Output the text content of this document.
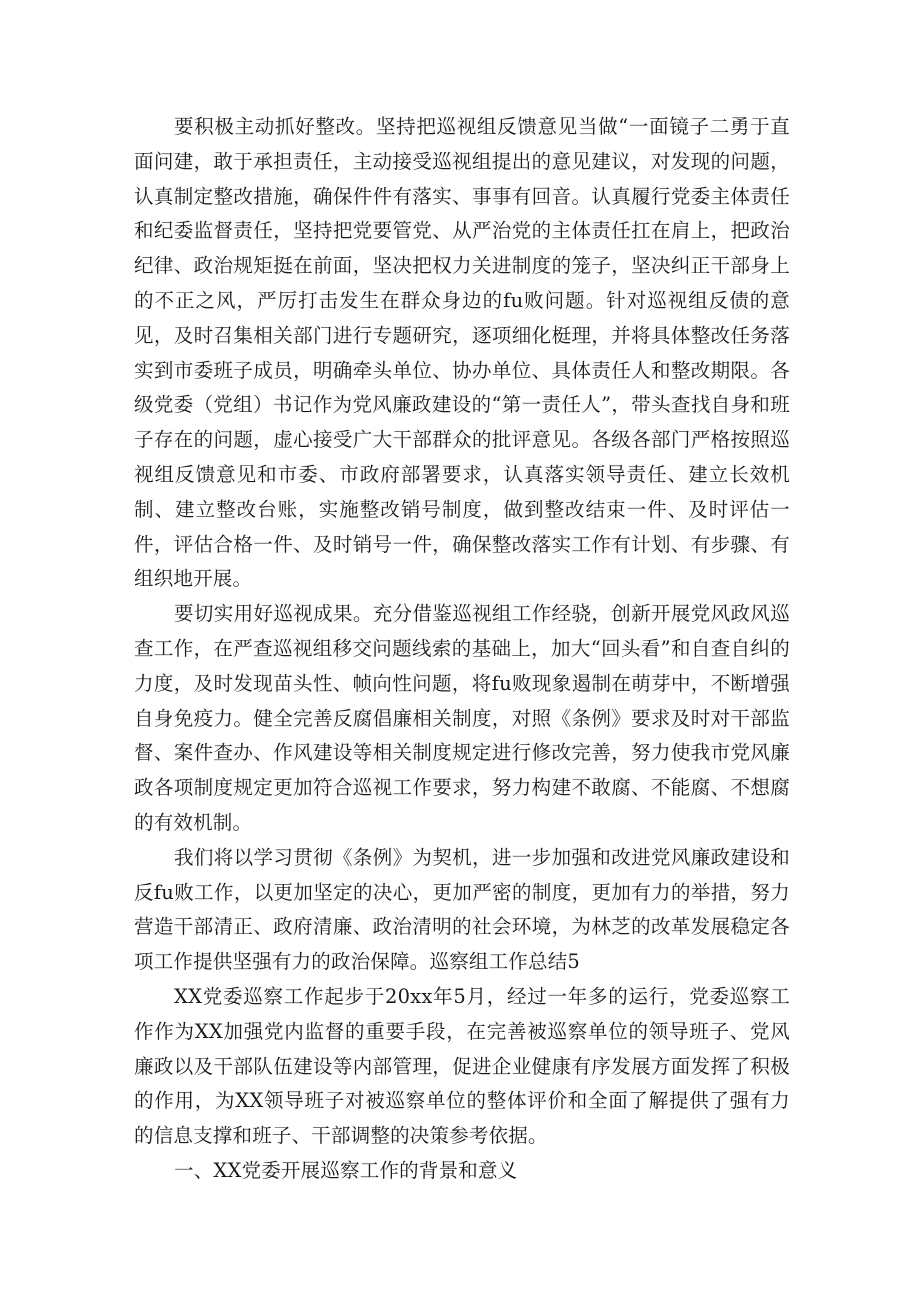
要积极主动抓好整改。坚持把巡视组反馈意见当做“一面镜子二勇于直面问建，敢于承担责任，主动接受巡视组提出的意见建议，对发现的问题，认真制定整改措施，确保件件有落实、事事有回音。认真履行党委主体责任和纪委监督责任，坚持把党要管党、从严治党的主体责任扛在肩上，把政治纪律、政治规矩挺在前面，坚决把权力关进制度的笼子，坚决纠正干部身上的不正之风，严厉打击发生在群众身边的fu败问题。针对巡视组反债的意见，及时召集相关部门进行专题研究，逐项细化梃理，并将具体整改任务落实到市委班子成员，明确牵头单位、协办单位、具体责任人和整改期限。各级党委（党组）书记作为党风廉政建设的“第一责任人”，带头查找自身和班子存在的问题，虚心接受广大干部群众的批评意见。各级各部门严格按照巡视组反馈意见和市委、市政府部署要求，认真落实领导责任、建立长效机制、建立整改台账，实施整改销号制度，做到整改结束一件、及时评估一件，评估合格一件、及时销号一件，确保整改落实工作有计划、有步骤、有组织地开展。

要切实用好巡视成果。充分借鉴巡视组工作经骁，创新开展党风政风巡查工作，在严查巡视组移交问题线索的基础上，加大“回头看”和自查自纠的力度，及时发现苗头性、帧向性问题，将fu败现象遏制在萌芽中，不断增强自身免疫力。健全完善反腐倡廉相关制度，对照《条例》要求及时对干部监督、案件查办、作风建设等相关制度规定进行修改完善，努力使我市党风廉政各项制度规定更加符合巡视工作要求，努力构建不敢腐、不能腐、不想腐的有效机制。

我们将以学习贯彻《条例》为契机，进一步加强和改进党风廉政建设和反fu败工作，以更加坚定的决心，更加严密的制度，更加有力的举措，努力营造干部清正、政府清廉、政治清明的社会环境，为林芝的改革发展稳定各项工作提供坚强有力的政治保障。巡察组工作总结5

XX党委巡察工作起步于20xx年5月，经过一年多的运行，党委巡察工作作为XX加强党内监督的重要手段，在完善被巡察单位的领导班子、党风廉政以及干部队伍建设等内部管理，促进企业健康有序发展方面发挥了积极的作用，为XX领导班子对被巡察单位的整体评价和全面了解提供了强有力的信息支撑和班子、干部调整的决策参考依据。

一、XX党委开展巡察工作的背景和意义
